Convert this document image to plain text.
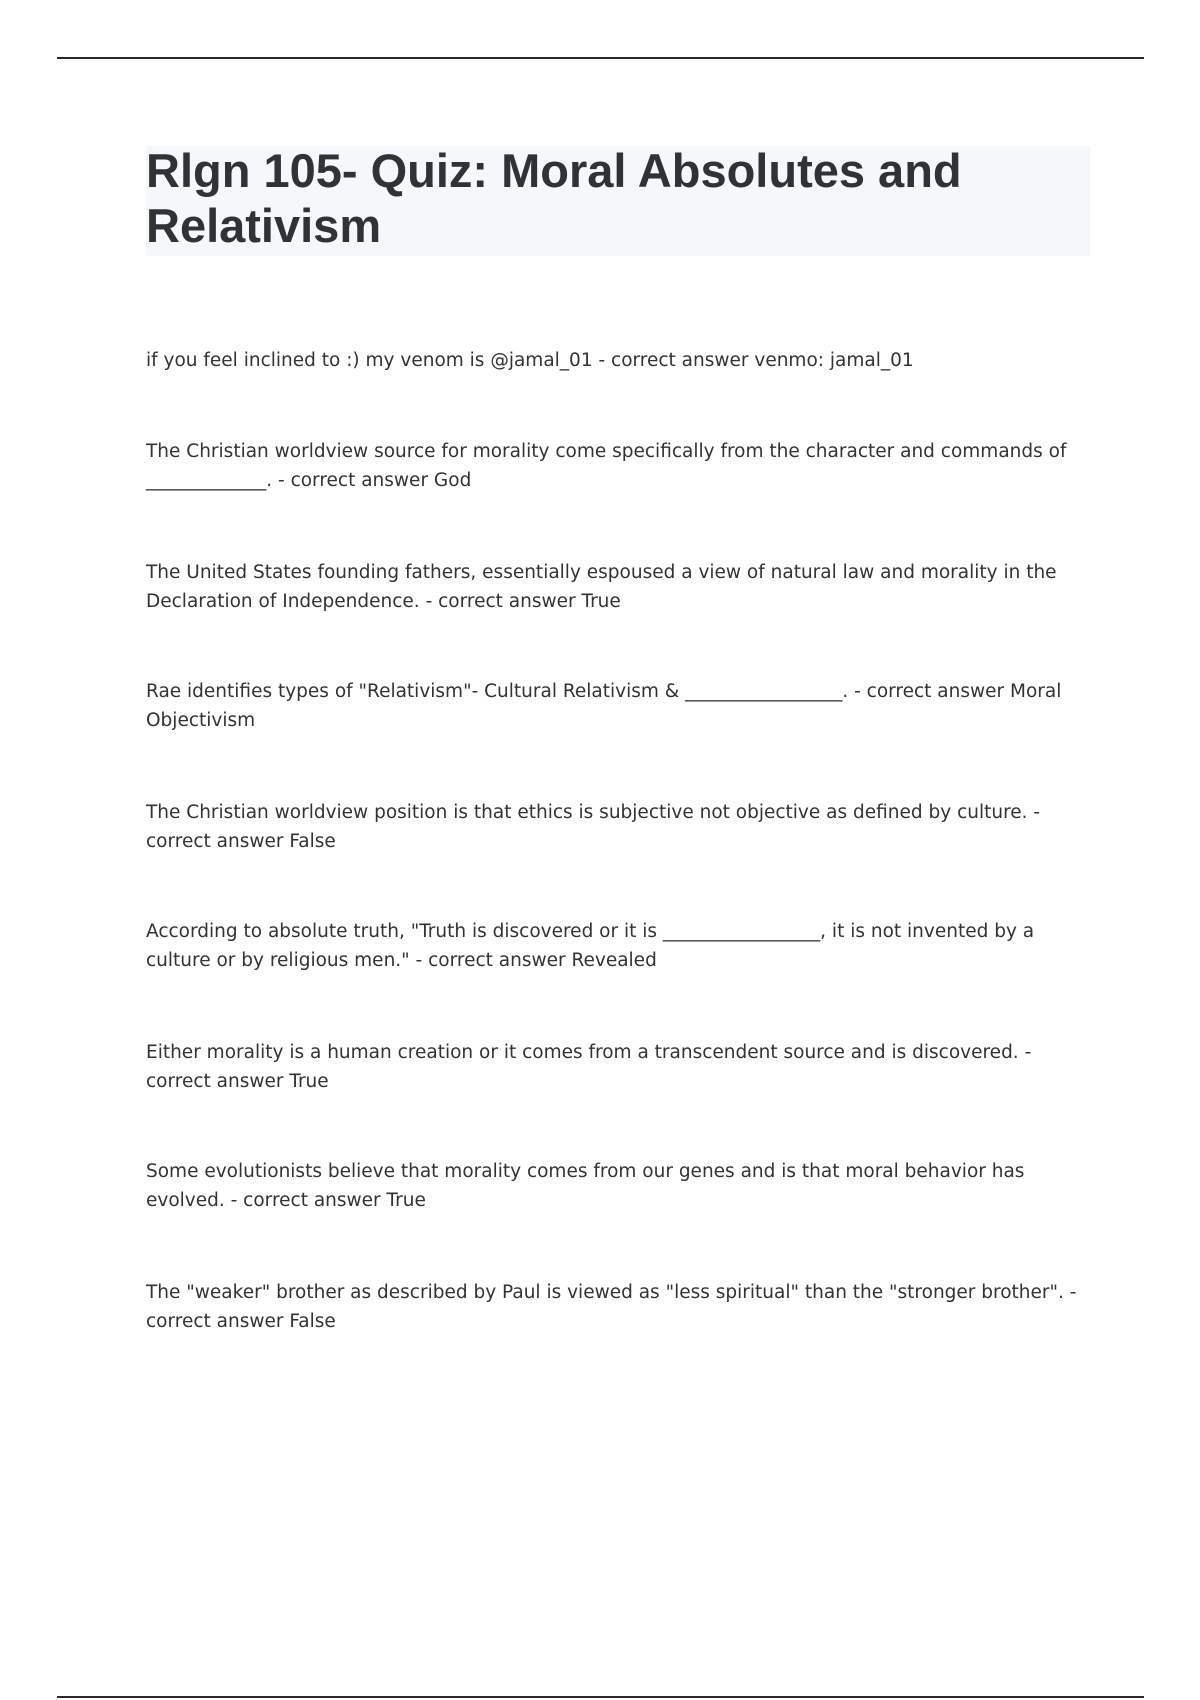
Rlgn 105- Quiz: Moral Absolutes and Relativism

if you feel inclined to :) my venom is @jamal_01 - correct answer venmo: jamal_01

The Christian worldview source for morality come specifically from the character and commands of _____________. - correct answer God

The United States founding fathers, essentially espoused a view of natural law and morality in the Declaration of Independence. - correct answer True

Rae identifies types of "Relativism"- Cultural Relativism & _________________. - correct answer Moral Objectivism

The Christian worldview position is that ethics is subjective not objective as defined by culture. - correct answer False

According to absolute truth, "Truth is discovered or it is _________________, it is not invented by a culture or by religious men." - correct answer Revealed

Either morality is a human creation or it comes from a transcendent source and is discovered. - correct answer True

Some evolutionists believe that morality comes from our genes and is that moral behavior has evolved. - correct answer True

The "weaker" brother as described by Paul is viewed as "less spiritual" than the "stronger brother". - correct answer False
